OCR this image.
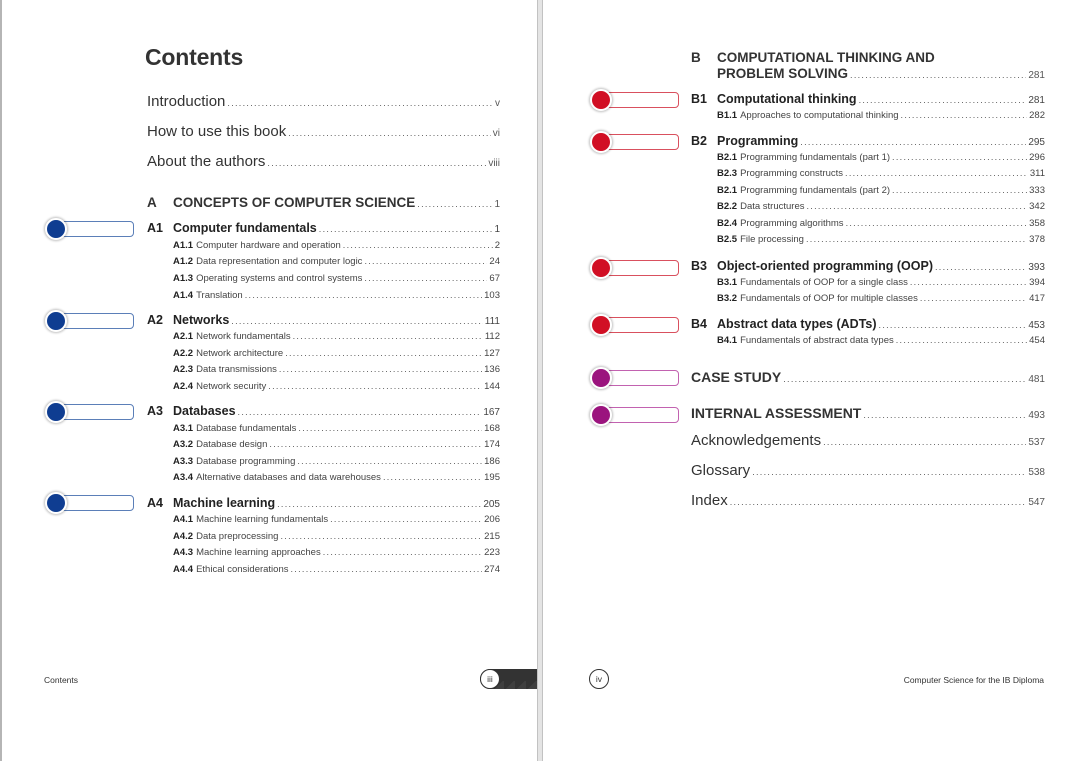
Contents
Introduction . . .	v
How to use this book . . .	vi
About the authors . . .	viii
A CONCEPTS OF COMPUTER SCIENCE . . .	1
A1 Computer fundamentals . . .	1
A1.1 Computer hardware and operation . . .	2
A1.2 Data representation and computer logic . . .	24
A1.3 Operating systems and control systems . . .	67
A1.4 Translation . . .	103
A2 Networks . . .	111
A2.1 Network fundamentals . . .	112
A2.2 Network architecture . . .	127
A2.3 Data transmissions . . .	136
A2.4 Network security . . .	144
A3 Databases . . .	167
A3.1 Database fundamentals . . .	168
A3.2 Database design . . .	174
A3.3 Database programming . . .	186
A3.4 Alternative databases and data warehouses . . .	195
A4 Machine learning . . .	205
A4.1 Machine learning fundamentals . . .	206
A4.2 Data preprocessing . . .	215
A4.3 Machine learning approaches . . .	223
A4.4 Ethical considerations . . .	274
Contents	iii
B COMPUTATIONAL THINKING AND
PROBLEM SOLVING . . .	281
B1 Computational thinking . . .	281
B1.1 Approaches to computational thinking . . .	282
B2 Programming . . .	295
B2.1 Programming fundamentals (part 1) . . .	296
B2.3 Programming constructs . . .	311
B2.1 Programming fundamentals (part 2) . . .	333
B2.2 Data structures . . .	342
B2.4 Programming algorithms . . .	358
B2.5 File processing . . .	378
B3 Object-oriented programming (OOP) . . .	393
B3.1 Fundamentals of OOP for a single class . . .	394
B3.2 Fundamentals of OOP for multiple classes . . .	417
B4 Abstract data types (ADTs) . . .	453
B4.1 Fundamentals of abstract data types . . .	454
CASE STUDY . . .	481
INTERNAL ASSESSMENT . . .	493
Acknowledgements . . .	537
Glossary . . .	538
Index . . .	547
iv	Computer Science for the IB Diploma
